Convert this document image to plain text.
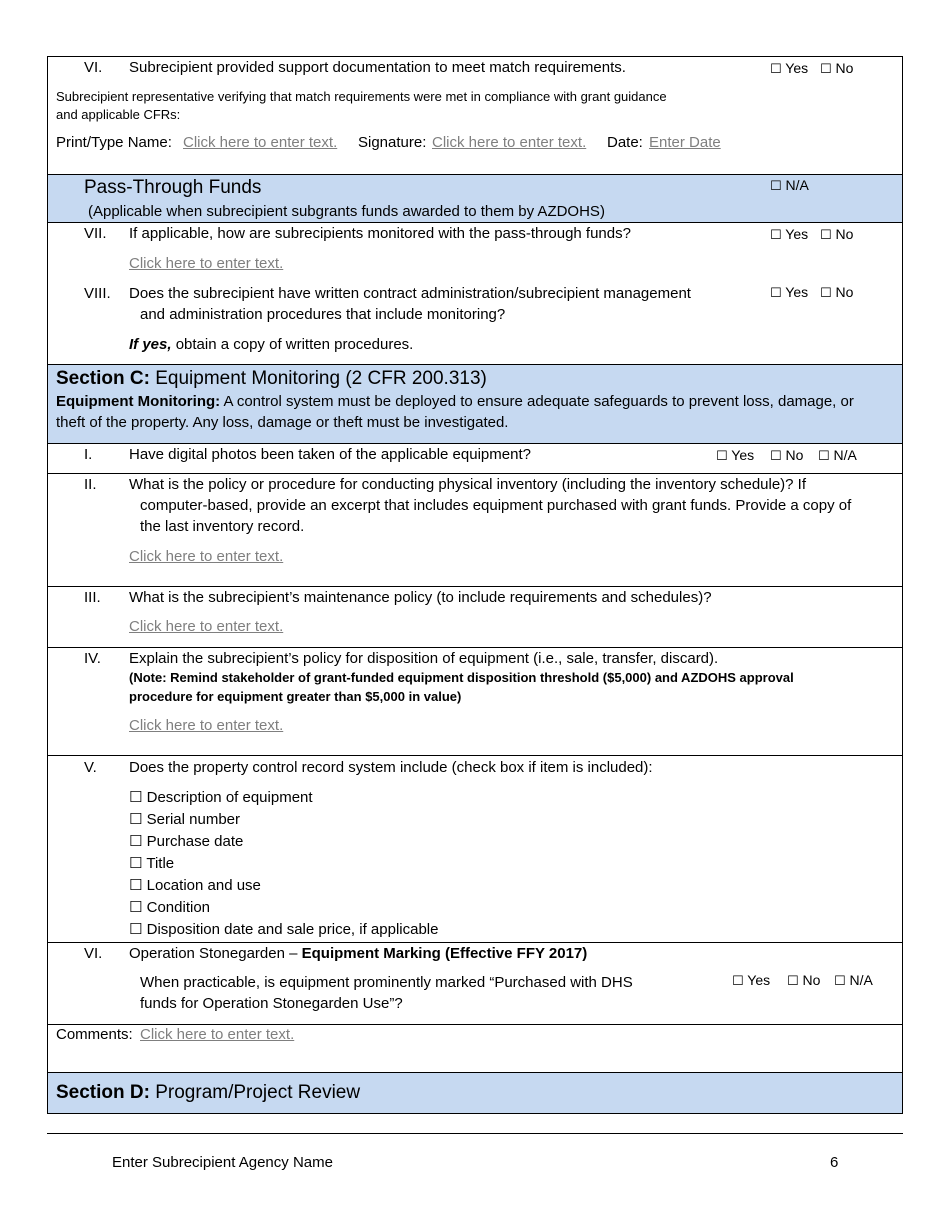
VI. Subrecipient provided support documentation to meet match requirements.	☐ Yes ☐ No
Subrecipient representative verifying that match requirements were met in compliance with grant guidance
and applicable CFRs:
Print/Type Name: Click here to enter text. Signature: Click here to enter text. Date: Enter Date
Pass-Through Funds	☐ N/A
(Applicable when subrecipient subgrants funds awarded to them by AZDOHS)
VII. If applicable, how are subrecipients monitored with the pass-through funds?	☐ Yes ☐ No
Click here to enter text.
VIII. Does the subrecipient have written contract administration/subrecipient management
and administration procedures that include monitoring?
☐ Yes ☐ No
If yes, obtain a copy of written procedures.
Section C: Equipment Monitoring (2 CFR 200.313)
Equipment Monitoring: A control system must be deployed to ensure adequate safeguards to prevent loss, damage, or
theft of the property. Any loss, damage or theft must be investigated.
I. Have digital photos been taken of the applicable equipment?	☐ Yes ☐ No ☐ N/A
II. What is the policy or procedure for conducting physical inventory (including the inventory schedule)? If
computer-based, provide an excerpt that includes equipment purchased with grant funds. Provide a copy of
the last inventory record.
Click here to enter text.
III. What is the subrecipient’s maintenance policy (to include requirements and schedules)?
Click here to enter text.
IV. Explain the subrecipient’s policy for disposition of equipment (i.e., sale, transfer, discard).
(Note: Remind stakeholder of grant-funded equipment disposition threshold ($5,000) and AZDOHS approval
procedure for equipment greater than $5,000 in value)
Click here to enter text.
V. Does the property control record system include (check box if item is included):
☐ Description of equipment
☐ Serial number
☐ Purchase date
☐ Title
☐ Location and use
☐ Condition
☐ Disposition date and sale price, if applicable
VI. Operation Stonegarden – Equipment Marking (Effective FFY 2017)
When practicable, is equipment prominently marked “Purchased with DHS
funds for Operation Stonegarden Use”?
☐ Yes ☐ No ☐ N/A
Comments: Click here to enter text.
Section D: Program/Project Review
Enter Subrecipient Agency Name	6
